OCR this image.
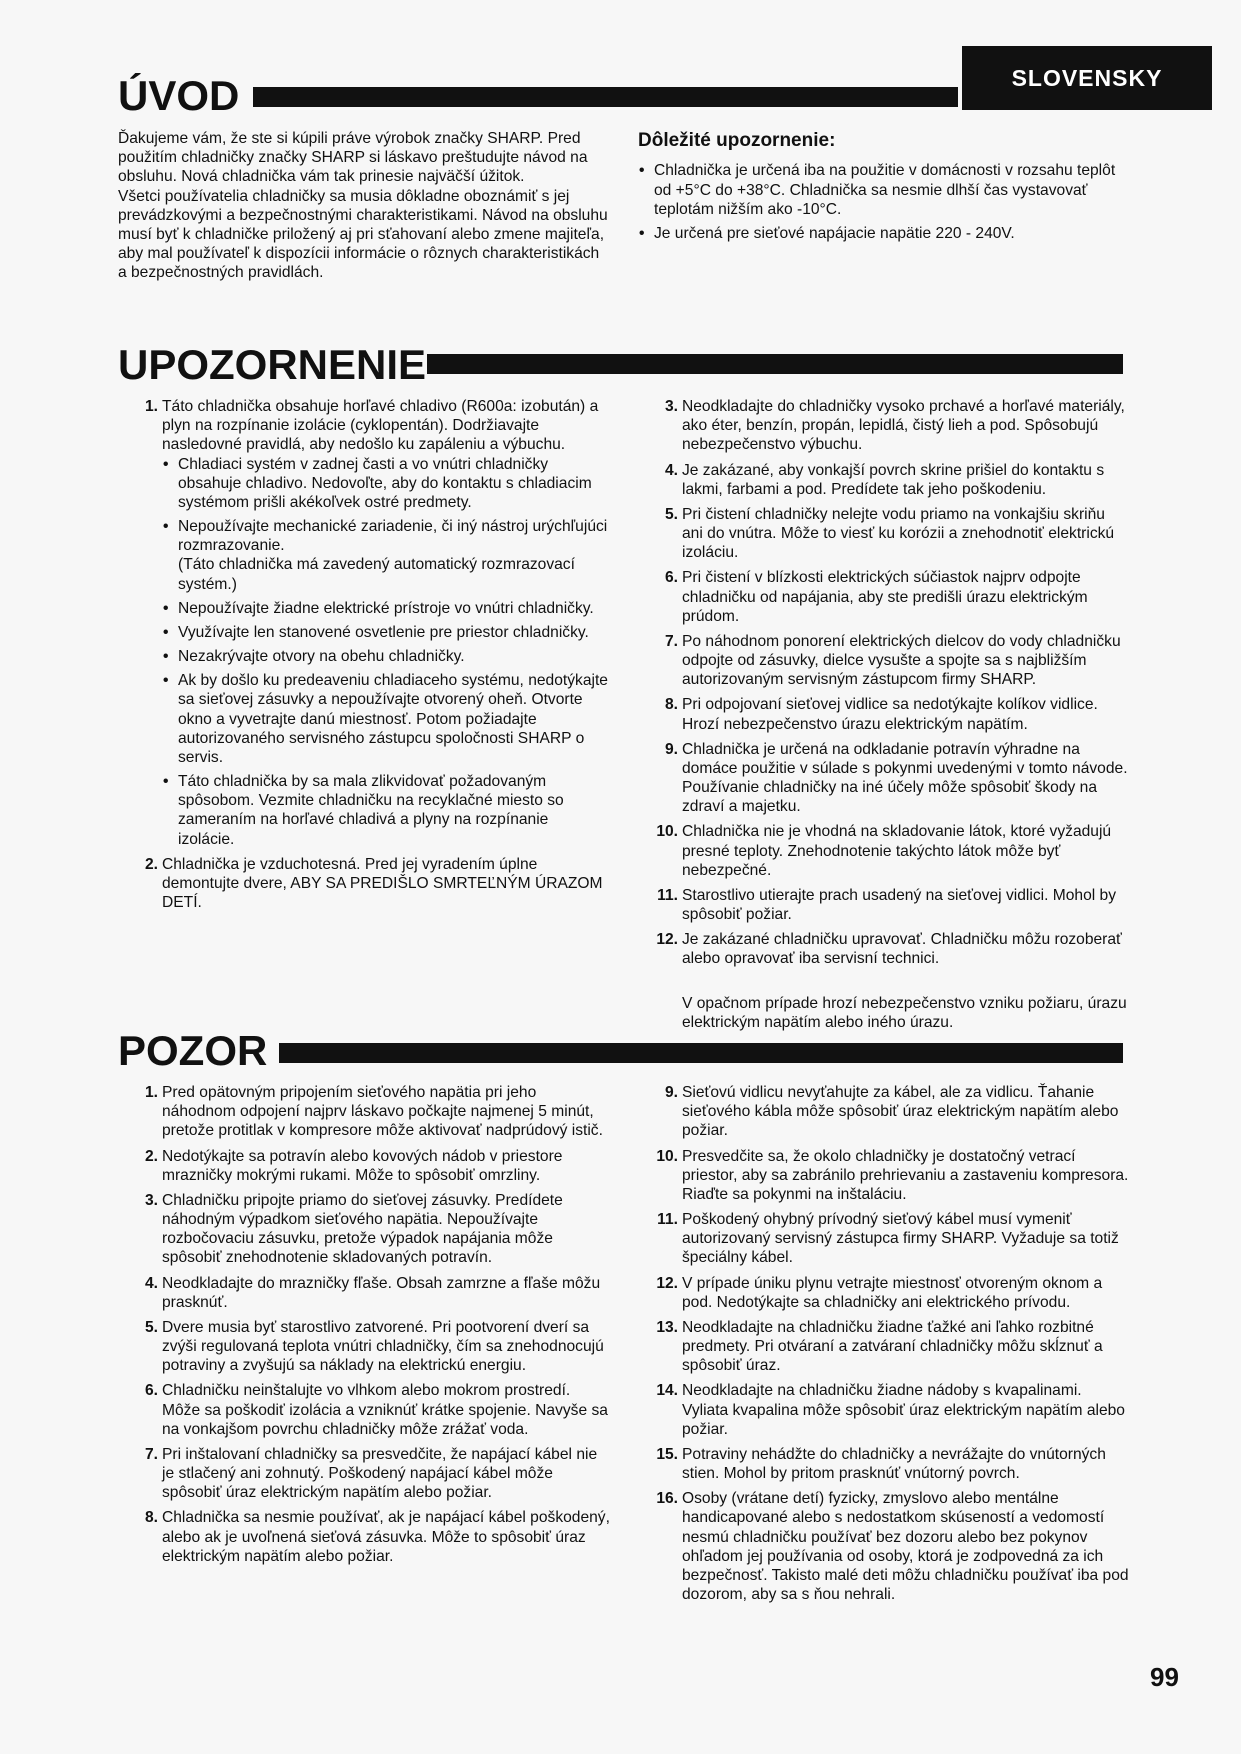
SLOVENSKY
ÚVOD

Ďakujeme vám, že ste si kúpili práve výrobok značky SHARP. Pred použitím chladničky značky SHARP si láskavo preštudujte návod na obsluhu. Nová chladnička vám tak prinesie najväčší úžitok.

Všetci používatelia chladničky sa musia dôkladne oboznámiť s jej prevádzkovými a bezpečnostnými charakteristikami. Návod na obsluhu musí byť k chladničke priložený aj pri sťahovaní alebo zmene majiteľa, aby mal používateľ k dispozícii informácie o rôznych charakteristikách a bezpečnostných pravidlách.

Dôležité upozornenie:
• Chladnička je určená iba na použitie v domácnosti v rozsahu teplôt od +5°C do +38°C. Chladnička sa nesmie dlhší čas vystavovať teplotám nižším ako -10°C.
• Je určená pre sieťové napájacie napätie 220 - 240V.
UPOZORNENIE
1. Táto chladnička obsahuje horľavé chladivo (R600a: izobután) a plyn na rozpínanie izolácie (cyklopentán). Dodržiavajte nasledovné pravidlá, aby nedošlo ku zapáleniu a výbuchu.
• Chladiaci systém v zadnej časti a vo vnútri chladničky obsahuje chladivo. Nedovoľte, aby do kontaktu s chladiacim systémom prišli akékoľvek ostré predmety.
• Nepoužívajte mechanické zariadenie, či iný nástroj urýchľujúci rozmrazovanie.
(Táto chladnička má zavedený automatický rozmrazovací systém.)
• Nepoužívajte žiadne elektrické prístroje vo vnútri chladničky.
• Využívajte len stanovené osvetlenie pre priestor chladničky.
• Nezakrývajte otvory na obehu chladničky.
• Ak by došlo ku predeaveniu chladiaceho systému, nedotýkajte sa sieťovej zásuvky a nepoužívajte otvorený oheň. Otvorte okno a vyvetrajte danú miestnosť. Potom požiadajte autorizovaného servisného zástupcu spoločnosti SHARP o servis.
• Táto chladnička by sa mala zlikvidovať požadovaným spôsobom. Vezmite chladničku na recyklačné miesto so zameraním na horľavé chladivá a plyny na rozpínanie izolácie.
2. Chladnička je vzduchotesná. Pred jej vyradením úplne demontujte dvere, ABY SA PREDIŠLO SMRTEĽNÝM ÚRAZOM DETÍ.
3. Neodkladajte do chladničky vysoko prchavé a horľavé materiály, ako éter, benzín, propán, lepidlá, čistý lieh a pod. Spôsobujú nebezpečenstvo výbuchu.
4. Je zakázané, aby vonkajší povrch skrine prišiel do kontaktu s lakmi, farbami a pod. Predídete tak jeho poškodeniu.
5. Pri čistení chladničky nelejte vodu priamo na vonkajšiu skriňu ani do vnútra. Môže to viesť ku korózii a znehodnotiť elektrickú izoláciu.
6. Pri čistení v blízkosti elektrických súčiastok najprv odpojte chladničku od napájania, aby ste predišli úrazu elektrickým prúdom.
7. Po náhodnom ponorení elektrických dielcov do vody chladničku odpojte od zásuvky, dielce vysušte a spojte sa s najbližším autorizovaným servisným zástupcom firmy SHARP.
8. Pri odpojovaní sieťovej vidlice sa nedotýkajte kolíkov vidlice. Hrozí nebezpečenstvo úrazu elektrickým napätím.
9. Chladnička je určená na odkladanie potravín výhradne na domáce použitie v súlade s pokynmi uvedenými v tomto návode. Používanie chladničky na iné účely môže spôsobiť škody na zdraví a majetku.
10. Chladnička nie je vhodná na skladovanie látok, ktoré vyžadujú presné teploty. Znehodnotenie takýchto látok môže byť nebezpečné.
11. Starostlivo utierajte prach usadený na sieťovej vidlici. Mohol by spôsobiť požiar.
12. Je zakázané chladničku upravovať. Chladničku môžu rozoberať alebo opravovať iba servisní technici.

V opačnom prípade hrozí nebezpečenstvo vzniku požiaru, úrazu elektrickým napätím alebo iného úrazu.
POZOR
1. Pred opätovným pripojením sieťového napätia pri jeho náhodnom odpojení najprv láskavo počkajte najmenej 5 minút, pretože protitlak v kompresore môže aktivovať nadprúdový istič.
2. Nedotýkajte sa potravín alebo kovových nádob v priestore mrazničky mokrými rukami. Môže to spôsobiť omrzliny.
3. Chladničku pripojte priamo do sieťovej zásuvky. Predídete náhodným výpadkom sieťového napätia. Nepoužívajte rozbočovaciu zásuvku, pretože výpadok napájania môže spôsobiť znehodnotenie skladovaných potravín.
4. Neodkladajte do mrazničky fľaše. Obsah zamrzne a fľaše môžu prasknúť.
5. Dvere musia byť starostlivo zatvorené. Pri pootvorení dverí sa zvýši regulovaná teplota vnútri chladničky, čím sa znehodnocujú potraviny a zvyšujú sa náklady na elektrickú energiu.
6. Chladničku neinštalujte vo vlhkom alebo mokrom prostredí. Môže sa poškodiť izolácia a vzniknúť krátke spojenie. Navyše sa na vonkajšom povrchu chladničky môže zrážať voda.
7. Pri inštalovaní chladničky sa presvedčite, že napájací kábel nie je stlačený ani zohnutý. Poškodený napájací kábel môže spôsobiť úraz elektrickým napätím alebo požiar.
8. Chladnička sa nesmie používať, ak je napájací kábel poškodený, alebo ak je uvoľnená sieťová zásuvka. Môže to spôsobiť úraz elektrickým napätím alebo požiar.
9. Sieťovú vidlicu nevyťahujte za kábel, ale za vidlicu. Ťahanie sieťového kábla môže spôsobiť úraz elektrickým napätím alebo požiar.
10. Presvedčite sa, že okolo chladničky je dostatočný vetrací priestor, aby sa zabránilo prehrievaniu a zastaveniu kompresora. Riaďte sa pokynmi na inštaláciu.
11. Poškodený ohybný prívodný sieťový kábel musí vymeniť autorizovaný servisný zástupca firmy SHARP. Vyžaduje sa totiž špeciálny kábel.
12. V prípade úniku plynu vetrajte miestnosť otvoreným oknom a pod. Nedotýkajte sa chladničky ani elektrického prívodu.
13. Neodkladajte na chladničku žiadne ťažké ani ľahko rozbitné predmety. Pri otváraní a zatváraní chladničky môžu skĺznuť a spôsobiť úraz.
14. Neodkladajte na chladničku žiadne nádoby s kvapalinami. Vyliata kvapalina môže spôsobiť úraz elektrickým napätím alebo požiar.
15. Potraviny nehádžte do chladničky a nevrážajte do vnútorných stien. Mohol by pritom prasknúť vnútorný povrch.
16. Osoby (vrátane detí) fyzicky, zmyslovo alebo mentálne handicapované alebo s nedostatkom skúseností a vedomostí nesmú chladničku používať bez dozoru alebo bez pokynov ohľadom jej používania od osoby, ktorá je zodpovedná za ich bezpečnosť. Takisto malé deti môžu chladničku používať iba pod dozorom, aby sa s ňou nehrali.
99
